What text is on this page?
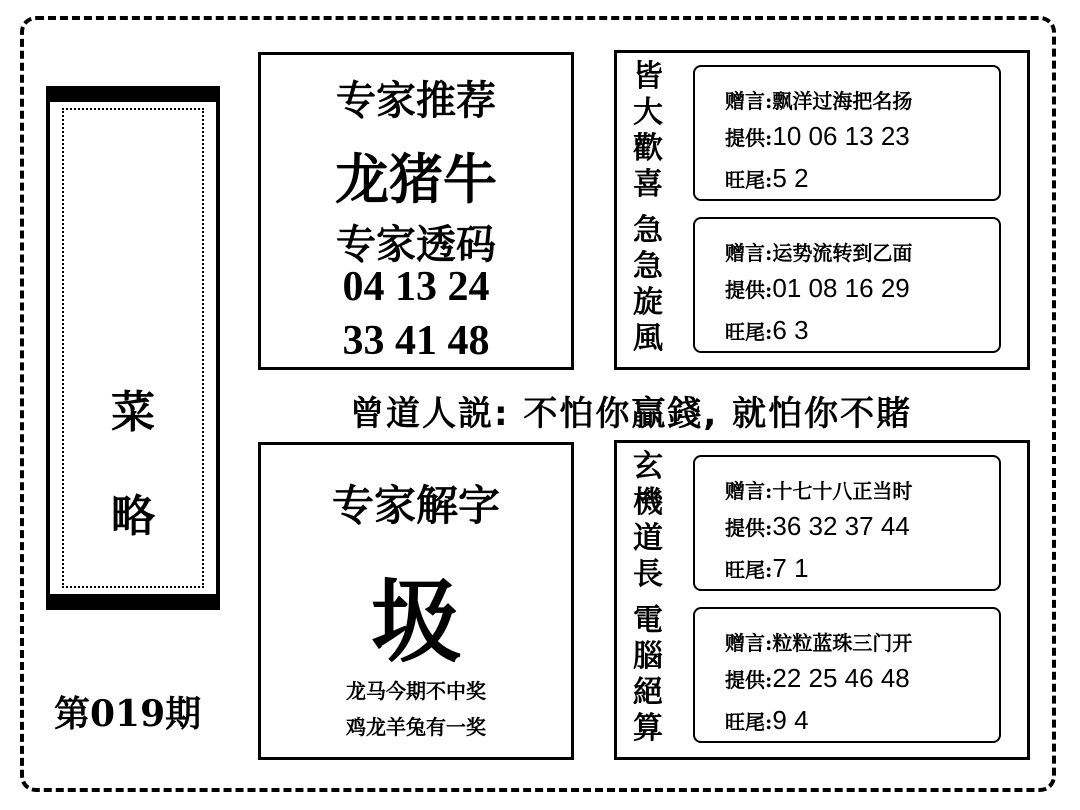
菜
略
第019期
专家推荐
龙猪牛
专家透码
04 13 24
33 41 48
曾道人説: 不怕你贏錢, 就怕你不賭
专家解字
圾
龙马今期不中奖
鸡龙羊兔有一奖
皆
大
歡
喜
急
急
旋
風
赠言:飘洋过海把名扬
提供:10 06 13 23
旺尾:5 2
赠言:运势流转到乙面
提供:01 08 16 29
旺尾:6 3
玄
機
道
長
電
腦
絕
算
赠言:十七十八正当时
提供:36 32 37 44
旺尾:7 1
赠言:粒粒蓝珠三门开
提供:22 25 46 48
旺尾:9 4
